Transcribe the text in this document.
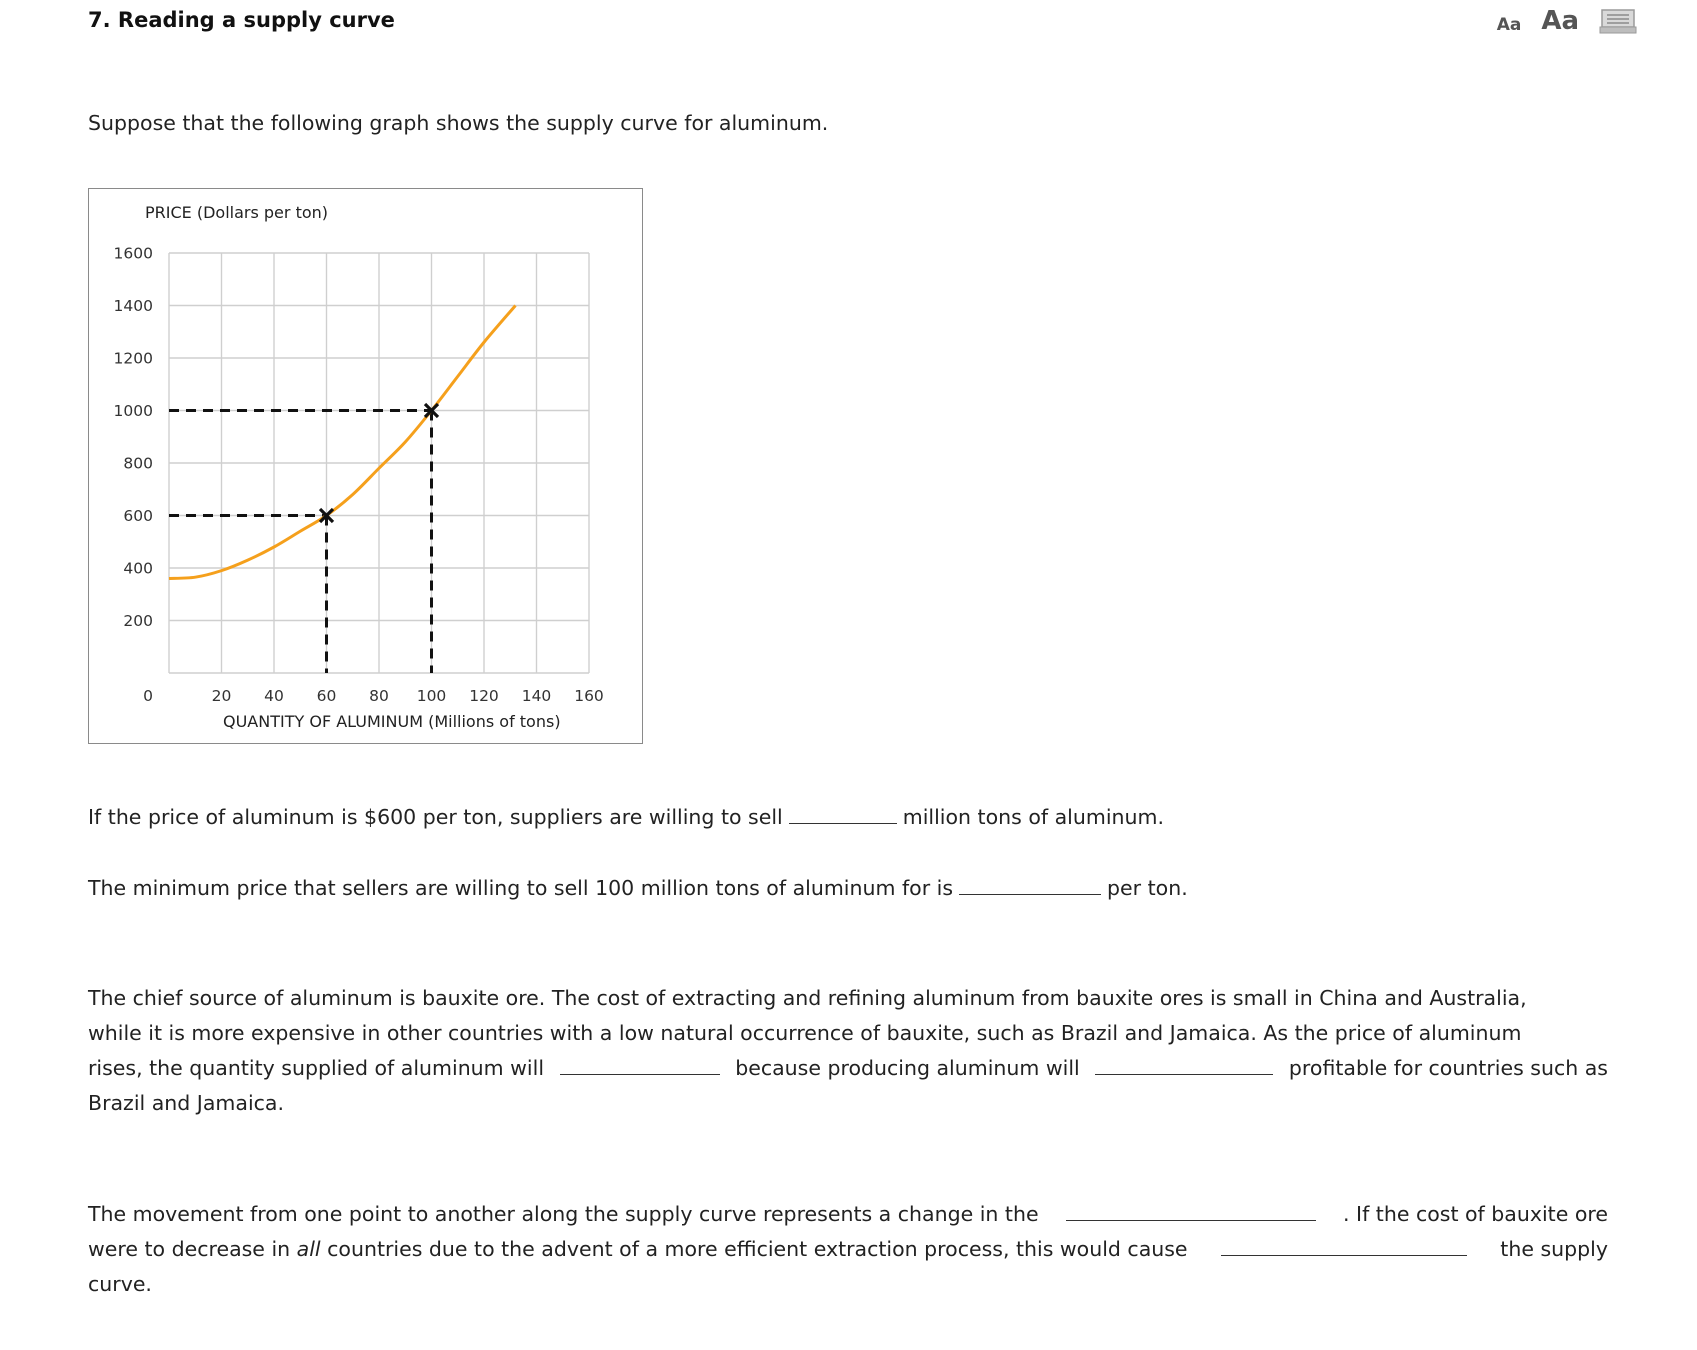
7. Reading a supply curve	Aa Aa

Suppose that the following graph shows the supply curve for aluminum.

PRICE (Dollars per ton)
QUANTITY OF ALUMINUM (Millions of tons)
0
200
400
600
800
1000
1200
1400
1600
20 40 60 80 100 120 140 160

If the price of aluminum is $600 per ton, suppliers are willing to sell	million tons of aluminum.

The minimum price that sellers are willing to sell 100 million tons of aluminum for is	per ton.

The chief source of aluminum is bauxite ore. The cost of extracting and refining aluminum from bauxite ores is small in China and Australia,
while it is more expensive in other countries with a low natural occurrence of bauxite, such as Brazil and Jamaica. As the price of aluminum
rises, the quantity supplied of aluminum will	because producing aluminum will	profitable for countries such as
Brazil and Jamaica.
The movement from one point to another along the supply curve represents a change in the	. If the cost of bauxite ore
were to decrease in all countries due to the advent of a more efficient extraction process, this would cause	the supply
curve.
